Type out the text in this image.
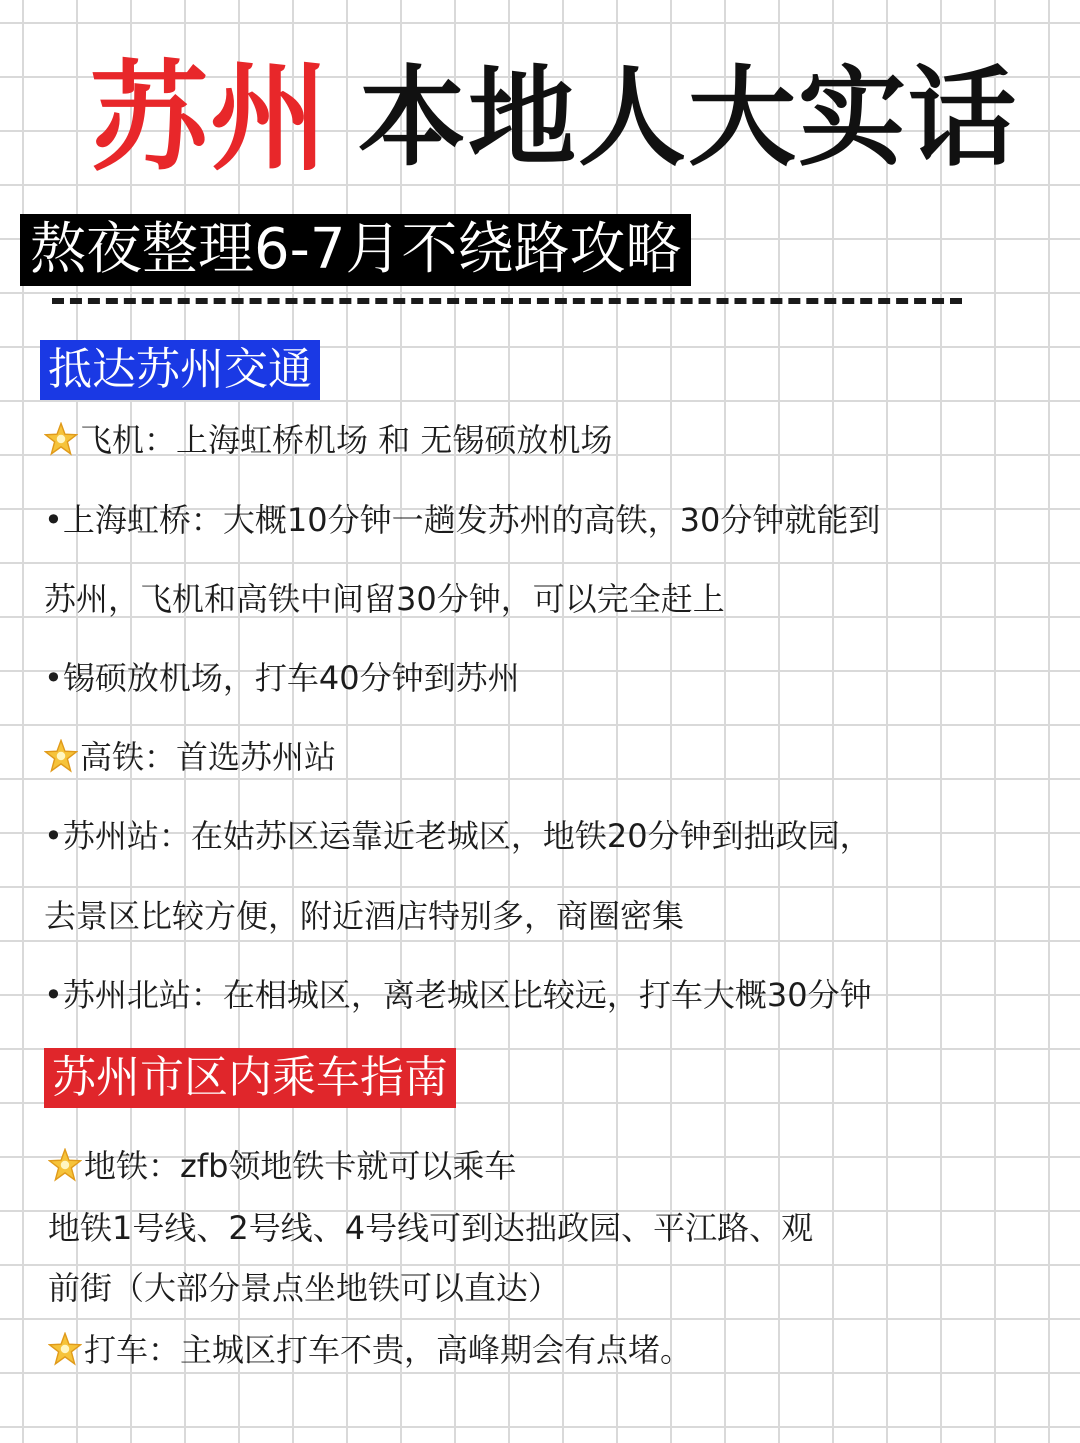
苏州 本地人大实话
熬夜整理6-7月不绕路攻略
抵达苏州交通
飞机：上海虹桥机场 和 无锡硕放机场
•上海虹桥：大概10分钟一趟发苏州的高铁，30分钟就能到
苏州，飞机和高铁中间留30分钟，可以完全赶上
•锡硕放机场，打车40分钟到苏州
高铁：首选苏州站
•苏州站：在姑苏区运靠近老城区，地铁20分钟到拙政园，
去景区比较方便，附近酒店特别多，商圈密集
•苏州北站：在相城区，离老城区比较远，打车大概30分钟
苏州市区内乘车指南
地铁：zfb领地铁卡就可以乘车
地铁1号线、2号线、4号线可到达拙政园、平江路、观
前街（大部分景点坐地铁可以直达）
打车：主城区打车不贵，高峰期会有点堵。
